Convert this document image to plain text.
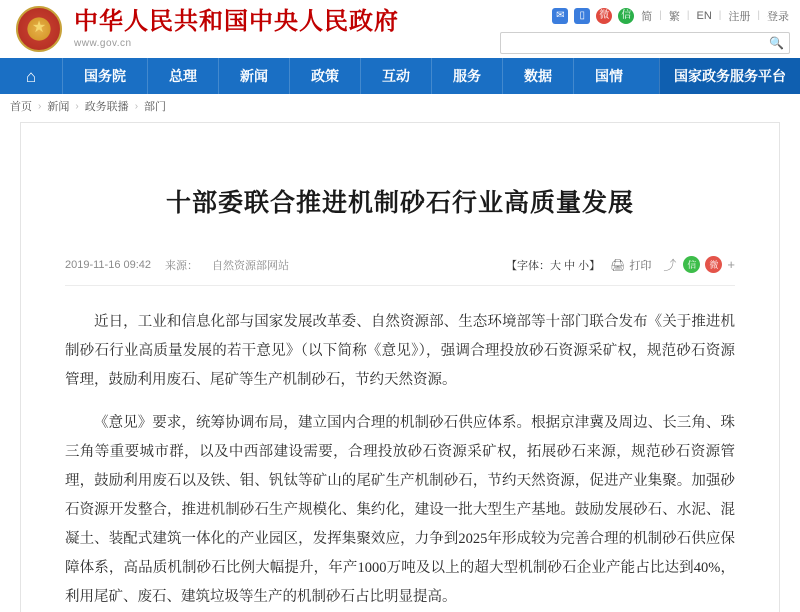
★
中华人民共和国中央人民政府
www.gov.cn
✉	▯	微	信 简 | 繁 | EN | 注册 | 登录
🔍
⌂	国务院	总理	新闻	政策	互动	服务	数据	国情	国家政务服务平台
首页 › 新闻 › 政务联播 › 部门
十部委联合推进机制砂石行业高质量发展
2019-11-16 09:42 来源： 自然资源部网站	【字体：大 中 小】 🖨 打印 ⤴	信	微 +

近日，工业和信息化部与国家发展改革委、自然资源部、生态环境部等十部门联合发布《关于推进机制砂石行业高质量发展的若干意见》（以下简称《意见》），强调合理投放砂石资源采矿权，规范砂石资源管理，鼓励利用废石、尾矿等生产机制砂石，节约天然资源。

《意见》要求，统筹协调布局，建立国内合理的机制砂石供应体系。根据京津冀及周边、长三角、珠三角等重要城市群，以及中西部建设需要，合理投放砂石资源采矿权，拓展砂石来源，规范砂石资源管理，鼓励利用废石以及铁、钼、钒钛等矿山的尾矿生产机制砂石，节约天然资源，促进产业集聚。加强砂石资源开发整合，推进机制砂石生产规模化、集约化，建设一批大型生产基地。鼓励发展砂石、水泥、混凝土、装配式建筑一体化的产业园区，发挥集聚效应，力争到2025年形成较为完善合理的机制砂石供应保障体系，高品质机制砂石比例大幅提升，年产1000万吨及以上的超大型机制砂石企业产能占比达到40%，利用尾矿、废石、建筑垃圾等生产的机制砂石占比明显提高。
